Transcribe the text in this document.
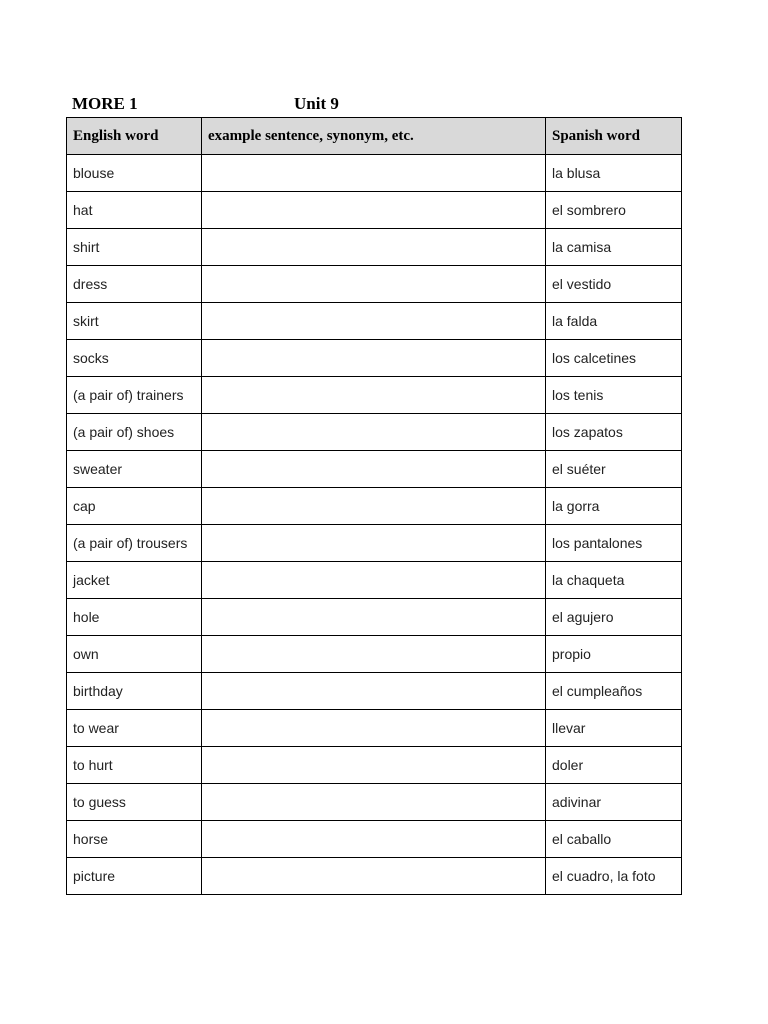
MORE 1	Unit 9
English word	example sentence, synonym, etc.	Spanish word
blouse		la blusa
hat		el sombrero
shirt		la camisa
dress		el vestido
skirt		la falda
socks		los calcetines
(a pair of) trainers		los tenis
(a pair of) shoes		los zapatos
sweater		el suéter
cap		la gorra
(a pair of) trousers		los pantalones
jacket		la chaqueta
hole		el agujero
own		propio
birthday		el cumpleaños
to wear		llevar
to hurt		doler
to guess		adivinar
horse		el caballo
picture		el cuadro, la foto
